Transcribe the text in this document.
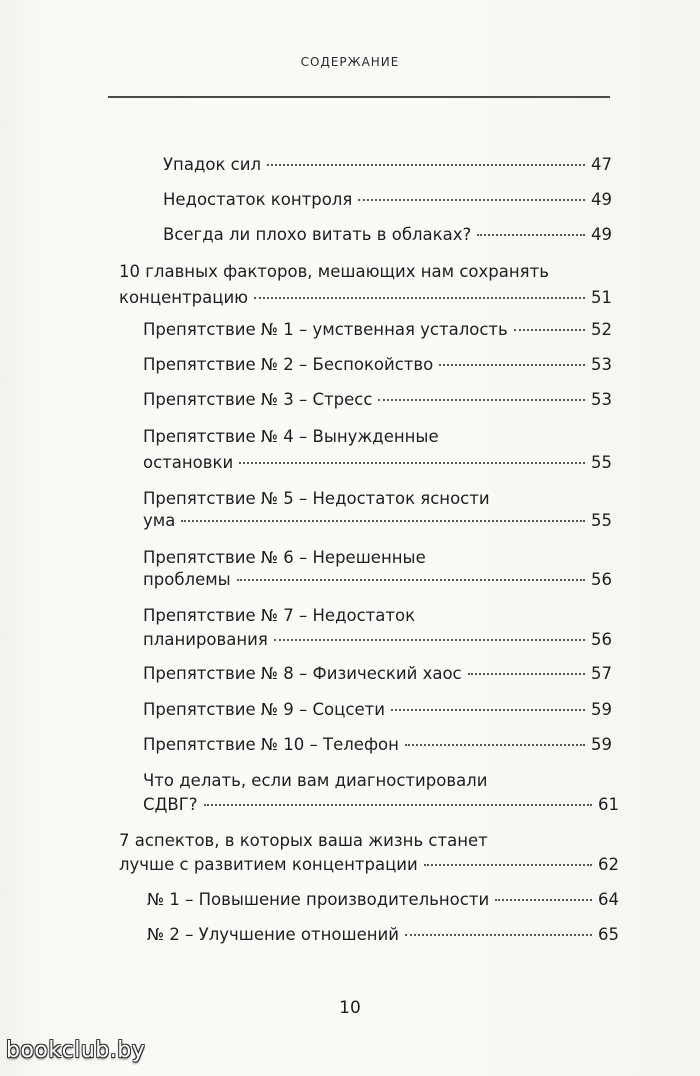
СОДЕРЖАНИЕ
Упадок сил	47
Недостаток контроля	49
Всегда ли плохо витать в облаках?	49
10 главных факторов, мешающих нам сохранять
концентрацию	51
Препятствие № 1 – умственная усталость	52
Препятствие № 2 – Беспокойство	53
Препятствие № 3 – Стресс	53
Препятствие № 4 – Вынужденные
остановки	55
Препятствие № 5 – Недостаток ясности
ума	55
Препятствие № 6 – Нерешенные
проблемы	56
Препятствие № 7 – Недостаток
планирования	56
Препятствие № 8 – Физический хаос	57
Препятствие № 9 – Соцсети	59
Препятствие № 10 – Телефон	59
Что делать, если вам диагностировали
СДВГ?	61
7 аспектов, в которых ваша жизнь станет
лучше с развитием концентрации	62
№ 1 – Повышение производительности	64
№ 2 – Улучшение отношений	65
10
bookclub.by
